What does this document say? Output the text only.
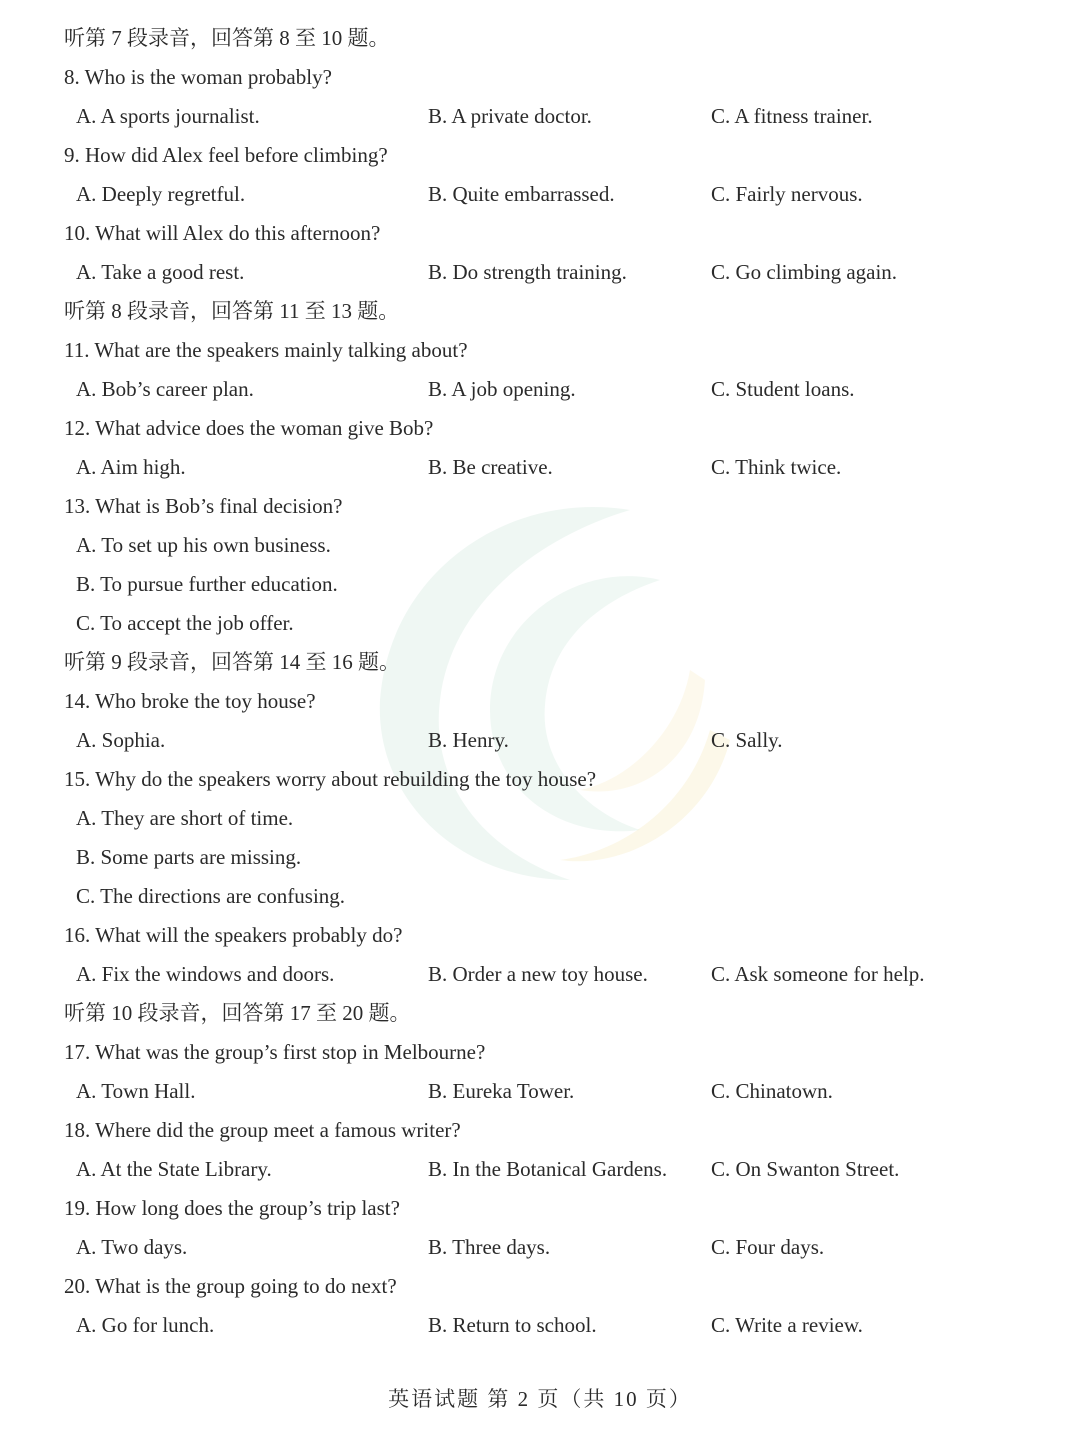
听第 7 段录音，回答第 8 至 10 题。
8. Who is the woman probably?
A. A sports journalist.	B. A private doctor.	C. A fitness trainer.
9. How did Alex feel before climbing?
A. Deeply regretful.	B. Quite embarrassed.	C. Fairly nervous.
10. What will Alex do this afternoon?
A. Take a good rest.	B. Do strength training.	C. Go climbing again.
听第 8 段录音，回答第 11 至 13 题。
11. What are the speakers mainly talking about?
A. Bob’s career plan.	B. A job opening.	C. Student loans.
12. What advice does the woman give Bob?
A. Aim high.	B. Be creative.	C. Think twice.
13. What is Bob’s final decision?
A. To set up his own business.
B. To pursue further education.
C. To accept the job offer.
听第 9 段录音，回答第 14 至 16 题。
14. Who broke the toy house?
A. Sophia.	B. Henry.	C. Sally.
15. Why do the speakers worry about rebuilding the toy house?
A. They are short of time.
B. Some parts are missing.
C. The directions are confusing.
16. What will the speakers probably do?
A. Fix the windows and doors.	B. Order a new toy house.	C. Ask someone for help.
听第 10 段录音，回答第 17 至 20 题。
17. What was the group’s first stop in Melbourne?
A. Town Hall.	B. Eureka Tower.	C. Chinatown.
18. Where did the group meet a famous writer?
A. At the State Library.	B. In the Botanical Gardens. C. On Swanton Street.
19. How long does the group’s trip last?
A. Two days.	B. Three days.	C. Four days.
20. What is the group going to do next?
A. Go for lunch.	B. Return to school.	C. Write a review.
英语试题 第 2 页（共 10 页）
